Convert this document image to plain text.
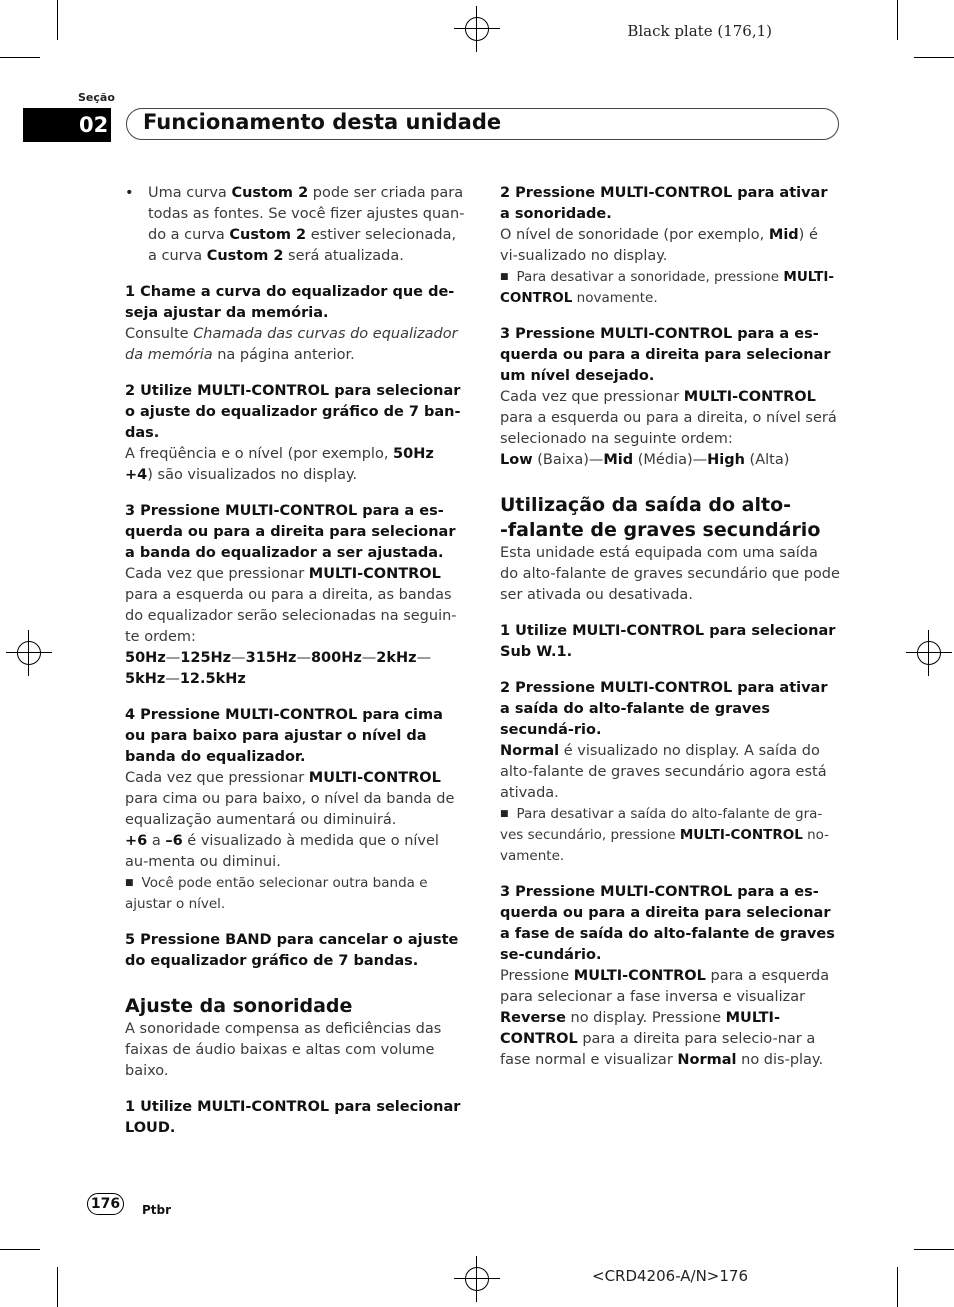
Black plate (176,1)
<CRD4206-A/N>176
Seção
02 Funcionamento desta unidade

• Uma curva Custom 2 pode ser criada para todas as fontes. Se você fizer ajustes quan-do a curva Custom 2 estiver selecionada, a curva Custom 2 será atualizada.

1 Chame a curva do equalizador que de-seja ajustar da memória.

Consulte Chamada das curvas do equalizador da memória na página anterior.

2 Utilize MULTI-CONTROL para selecionar o ajuste do equalizador gráfico de 7 ban-das.

A freqüência e o nível (por exemplo, 50Hz +4) são visualizados no display.

3 Pressione MULTI-CONTROL para a es-querda ou para a direita para selecionar a banda do equalizador a ser ajustada.

Cada vez que pressionar MULTI-CONTROL para a esquerda ou para a direita, as bandas do equalizador serão selecionadas na seguin-te ordem:

50Hz—125Hz—315Hz—800Hz—2kHz—5kHz—12.5kHz

4 Pressione MULTI-CONTROL para cima ou para baixo para ajustar o nível da banda do equalizador.

Cada vez que pressionar MULTI-CONTROL para cima ou para baixo, o nível da banda de equalização aumentará ou diminuirá.

+6 a –6 é visualizado à medida que o nível au-menta ou diminui.

■ Você pode então selecionar outra banda e ajustar o nível.

5 Pressione BAND para cancelar o ajuste do equalizador gráfico de 7 bandas.

Ajuste da sonoridade

A sonoridade compensa as deficiências das faixas de áudio baixas e altas com volume baixo.

1 Utilize MULTI-CONTROL para selecionar LOUD.

2 Pressione MULTI-CONTROL para ativar a sonoridade.

O nível de sonoridade (por exemplo, Mid) é vi-sualizado no display.

■ Para desativar a sonoridade, pressione MULTI-CONTROL novamente.

3 Pressione MULTI-CONTROL para a es-querda ou para a direita para selecionar um nível desejado.

Cada vez que pressionar MULTI-CONTROL para a esquerda ou para a direita, o nível será selecionado na seguinte ordem:

Low (Baixa)—Mid (Média)—High (Alta)

Utilização da saída do alto-
-falante de graves secundário

Esta unidade está equipada com uma saída do alto-falante de graves secundário que pode ser ativada ou desativada.

1 Utilize MULTI-CONTROL para selecionar Sub W.1.

2 Pressione MULTI-CONTROL para ativar a saída do alto-falante de graves secundá-rio.

Normal é visualizado no display. A saída do alto-falante de graves secundário agora está ativada.

■ Para desativar a saída do alto-falante de gra-ves secundário, pressione MULTI-CONTROL no-vamente.

3 Pressione MULTI-CONTROL para a es-querda ou para a direita para selecionar a fase de saída do alto-falante de graves se-cundário.

Pressione MULTI-CONTROL para a esquerda para selecionar a fase inversa e visualizar Reverse no display. Pressione MULTI-CONTROL para a direita para selecio-nar a fase normal e visualizar Normal no dis-play.

176 Ptbr
